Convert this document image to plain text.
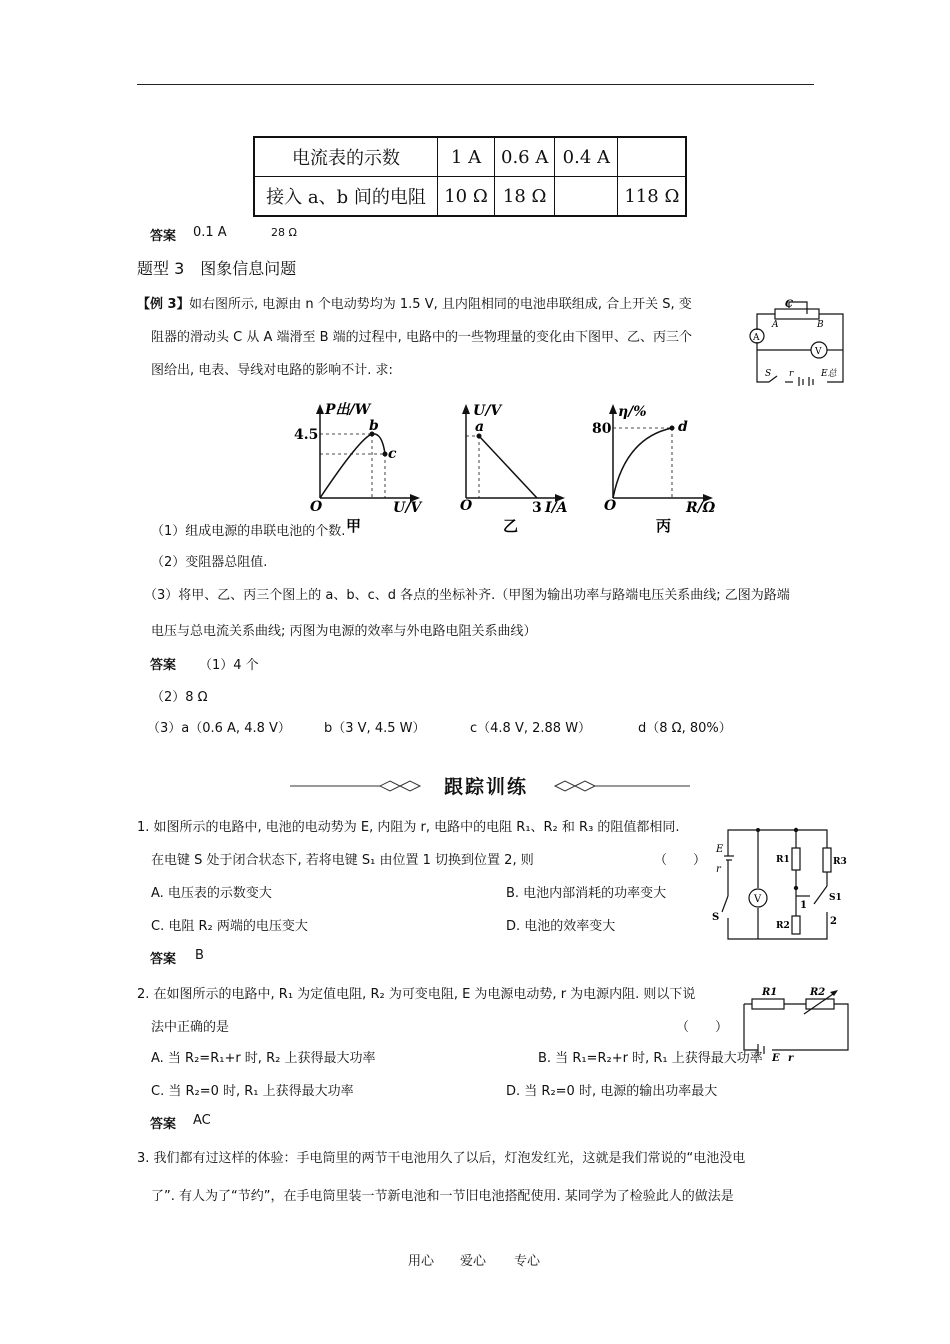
电流表的示数	1 A	0.6 A	0.4 A	
接入 a、b 间的电阻	10 Ω	18 Ω		118 Ω
答案 0.1 A	28 Ω
题型 3　图象信息问题
【例 3】 如右图所示, 电源由 n 个电动势均为 1.5 V, 且内阻相同的电池串联组成, 合上开关 S, 变
阻器的滑动头 C 从 A 端滑至 B 端的过程中, 电路中的一些物理量的变化由下图甲、乙、丙三个
图给出, 电表、导线对电路的影响不计. 求:
C
A	B
A
V
S r	E总
P出/W
U/V
4.5
O
b
c
甲
U/V
I/A
3
O
a
乙
η/%
R/Ω
80
O
d
丙
（1）组成电源的串联电池的个数.
（2）变阻器总阻值.
（3）将甲、乙、丙三个图上的 a、b、c、d 各点的坐标补齐.（甲图为输出功率与路端电压关系曲线; 乙图为路端
电压与总电流关系曲线; 丙图为电源的效率与外电路电阻关系曲线）
答案 （1）4 个
（2）8 Ω
（3）a（0.6 A, 4.8 V）	b（3 V, 4.5 W）	c（4.8 V, 2.88 W）	d（8 Ω, 80%）
跟踪训练
1. 如图所示的电路中, 电池的电动势为 E, 内阻为 r, 电路中的电阻 R₁、R₂ 和 R₃ 的阻值都相同.
在电键 S 处于闭合状态下, 若将电键 S₁ 由位置 1 切换到位置 2, 则	（　　）
A. 电压表的示数变大	B. 电池内部消耗的功率变大
C. 电阻 R₂ 两端的电压变大	D. 电池的效率变大
答案 B
E
r
V
R1
R2
R3
S
S1
1
2
2. 在如图所示的电路中, R₁ 为定值电阻, R₂ 为可变电阻, E 为电源电动势, r 为电源内阻. 则以下说
法中正确的是	（　　）
A. 当 R₂=R₁+r 时, R₂ 上获得最大功率	B. 当 R₁=R₂+r 时, R₁ 上获得最大功率
C. 当 R₂=0 时, R₁ 上获得最大功率	D. 当 R₂=0 时, 电源的输出功率最大
答案 AC
R1	R2
E r
3. 我们都有过这样的体验：手电筒里的两节干电池用久了以后，灯泡发红光，这就是我们常说的“电池没电
了”. 有人为了“节约”，在手电筒里装一节新电池和一节旧电池搭配使用. 某同学为了检验此人的做法是
用心 爱心 专心
